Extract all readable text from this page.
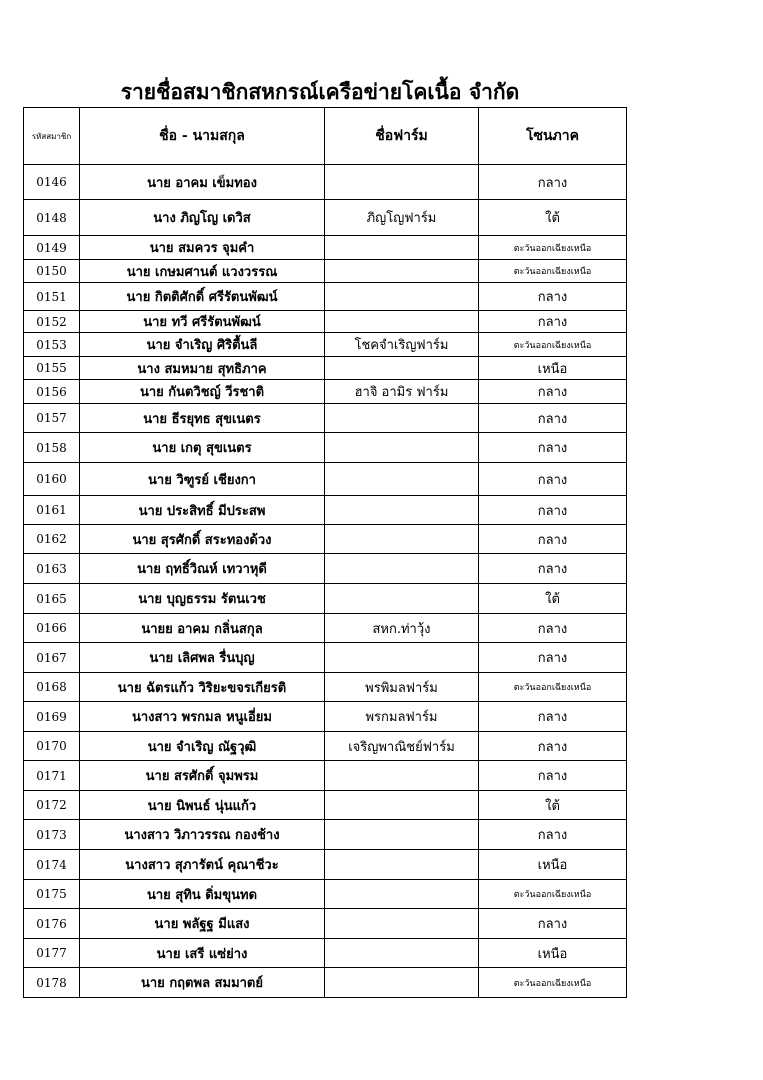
รายชื่อสมาชิกสหกรณ์เครือข่ายโคเนื้อ จำกัด
รหัสสมาชิก	ชื่อ - นามสกุล	ชื่อฟาร์ม	โซนภาค
0146	นาย อาคม เข็มทอง		กลาง
0148	นาง ภิญโญ เดวิส	ภิญโญฟาร์ม	ใต้
0149	นาย สมควร จุมคำ		ตะวันออกเฉียงเหนือ
0150	นาย เกษมศานต์ แวงวรรณ		ตะวันออกเฉียงเหนือ
0151	นาย กิตติศักดิ์ ศรีรัตนพัฒน์		กลาง
0152	นาย ทวี ศรีรัตนพัฒน์		กลาง
0153	นาย จำเริญ ศิริตื้นลี	โชคจำเริญฟาร์ม	ตะวันออกเฉียงเหนือ
0155	นาง สมหมาย สุทธิภาค		เหนือ
0156	นาย กันตวิชญ์ วีรชาติ	ฮาจิ อามิร ฟาร์ม	กลาง
0157	นาย ธีรยุทธ สุขเนตร		กลาง
0158	นาย เกตุ สุขเนตร		กลาง
0160	นาย วิฑูรย์ เชียงกา		กลาง
0161	นาย ประสิทธิ์ มีประสพ		กลาง
0162	นาย สุรศักดิ์ สระทองด้วง		กลาง
0163	นาย ฤทธิ์วิณห์ เทวาหุดี		กลาง
0165	นาย บุญธรรม รัตนเวช		ใต้
0166	นายย อาคม กลิ่นสกุล	สหก.ท่าวุ้ง	กลาง
0167	นาย เลิศพล รื่นบุญ		กลาง
0168	นาย ฉัตรแก้ว วิริยะขจรเกียรติ	พรพิมลฟาร์ม	ตะวันออกเฉียงเหนือ
0169	นางสาว พรกมล หนูเอี่ยม	พรกมลฟาร์ม	กลาง
0170	นาย จำเริญ ณัฐวุฒิ	เจริญพาณิชย์ฟาร์ม	กลาง
0171	นาย สรศักดิ์ จุมพรม		กลาง
0172	นาย นิพนธ์ นุ่นแก้ว		ใต้
0173	นางสาว วิภาวรรณ กองช้าง		กลาง
0174	นางสาว สุภารัตน์ คุณาชีวะ		เหนือ
0175	นาย สุทิน ดิ่มขุนทด		ตะวันออกเฉียงเหนือ
0176	นาย พลัฐฐ มีแสง		กลาง
0177	นาย เสรี แซ่ย่าง		เหนือ
0178	นาย กฤตพล สมมาตย์		ตะวันออกเฉียงเหนือ
